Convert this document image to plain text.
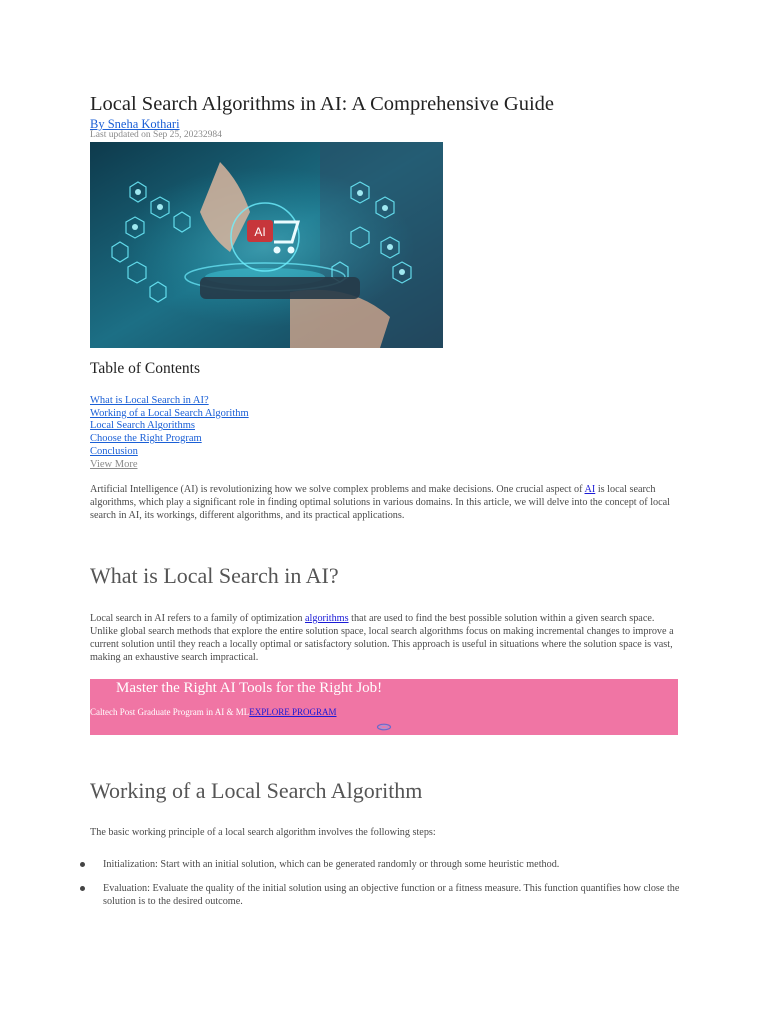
Local Search Algorithms in AI: A Comprehensive Guide
By Sneha Kothari
Last updated on Sep 25, 20232984
AI
Table of Contents
What is Local Search in AI?
Working of a Local Search Algorithm
Local Search Algorithms
Choose the Right Program
Conclusion
View More

Artificial Intelligence (AI) is revolutionizing how we solve complex problems and make decisions. One crucial aspect of AI is local search algorithms, which play a significant role in finding optimal solutions in various domains. In this article, we will delve into the concept of local search in AI, its workings, different algorithms, and its practical applications.

What is Local Search in AI?

Local search in AI refers to a family of optimization algorithms that are used to find the best possible solution within a given search space. Unlike global search methods that explore the entire solution space, local search algorithms focus on making incremental changes to improve a current solution until they reach a locally optimal or satisfactory solution. This approach is useful in situations where the solution space is vast, making an exhaustive search impractical.

Master the Right AI Tools for the Right Job!
Caltech Post Graduate Program in AI & MLEXPLORE PROGRAM
Working of a Local Search Algorithm

The basic working principle of a local search algorithm involves the following steps:

Initialization: Start with an initial solution, which can be generated randomly or through some heuristic method.
Evaluation: Evaluate the quality of the initial solution using an objective function or a fitness measure. This function quantifies how close the solution is to the desired outcome.
